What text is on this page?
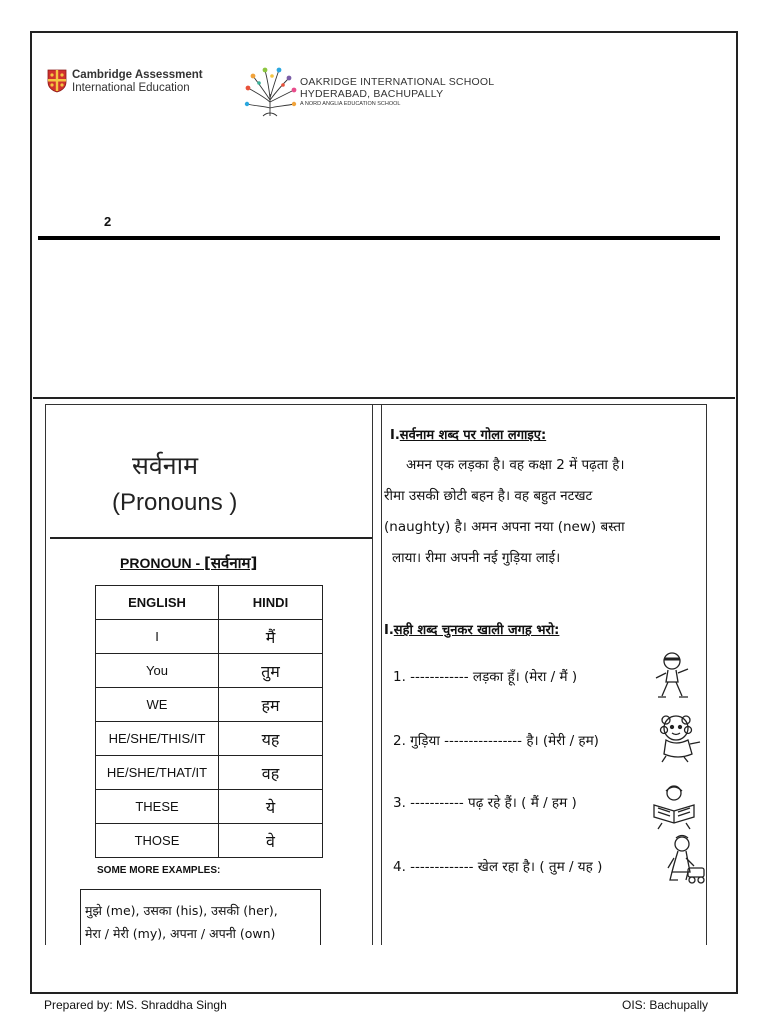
Cambridge Assessment
International Education	OAKRIDGE INTERNATIONAL SCHOOL
HYDERABAD, BACHUPALLY
A NORD ANGLIA EDUCATION SCHOOL
2
सर्वनाम
(Pronouns )
PRONOUN - [सर्वनाम]
ENGLISH	HINDI
I	मैं
You	तुम
WE	हम
HE/SHE/THIS/IT	यह
HE/SHE/THAT/IT	वह
THESE	ये
THOSE	वे
SOME MORE EXAMPLES:
मुझे (me), उसका (his), उसकी (her),
मेरा / मेरी (my), अपना / अपनी (own)
I.सर्वनाम शब्द पर गोला लगाइए:
अमन एक लड़का है। वह कक्षा 2 में पढ़ता है।
रीमा उसकी छोटी बहन है। वह बहुत नटखट
(naughty) है। अमन अपना नया (new) बस्ता
लाया। रीमा अपनी नई गुड़िया लाई।
I.सही शब्द चुनकर खाली जगह भरो:
1. ------------ लड़का हूँ। (मेरा / मैं )
2. गुड़िया ---------------- है। (मेरी / हम)
3. ----------- पढ़ रहे हैं। ( मैं / हम )
4. ------------- खेल रहा है। ( तुम / यह )
Prepared by: MS. Shraddha Singh	OIS: Bachupally
